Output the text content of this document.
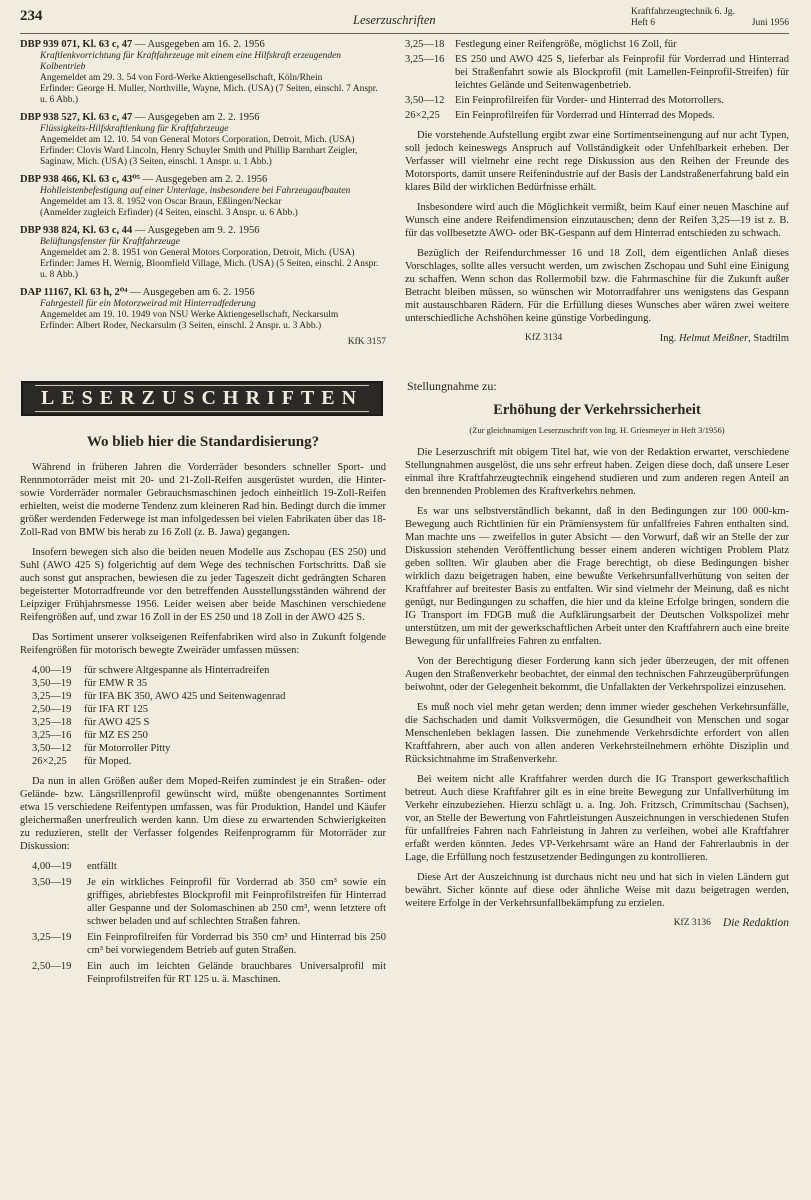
234	Leserzuschriften
Kraftfahrzeugtechnik 6. Jg.
Heft 6	Juni 1956
DBP 939 071, Kl. 63 c, 47 — Ausgegeben am 16. 2. 1956
Kraftlenkvorrichtung für Kraftfahrzeuge mit einem eine Hilfskraft erzeugenden Kolbentrieb
Angemeldet am 29. 3. 54 von Ford-Werke Aktiengesellschaft, Köln/Rhein
Erfinder: George H. Muller, Northville, Wayne, Mich. (USA) (7 Seiten, einschl. 7 Anspr. u. 6 Abb.)
DBP 938 527, Kl. 63 c, 47 — Ausgegeben am 2. 2. 1956
Flüssigkeits-Hilfskraftlenkung für Kraftfahrzeuge
Angemeldet am 12. 10. 54 von General Motors Corporation, Detroit, Mich. (USA)
Erfinder: Clovis Ward Lincoln, Henry Schuyler Smith und Phillip Barnhart Zeigler, Saginaw, Mich. (USA) (3 Seiten, einschl. 1 Anspr. u. 1 Abb.)
DBP 938 466, Kl. 63 c, 43⁰⁵ — Ausgegeben am 2. 2. 1956
Hohlleistenbefestigung auf einer Unterlage, insbesondere bei Fahrzeugaufbauten
Angemeldet am 13. 8. 1952 von Oscar Braun, Eßlingen/Neckar
(Anmelder zugleich Erfinder) (4 Seiten, einschl. 3 Anspr. u. 6 Abb.)
DBP 938 824, Kl. 63 c, 44 — Ausgegeben am 9. 2. 1956
Belüftungsfenster für Kraftfahrzeuge
Angemeldet am 2. 8. 1951 von General Motors Corporation, Detroit, Mich. (USA)
Erfinder: James H. Wernig, Bloomfield Village, Mich. (USA) (5 Seiten, einschl. 2 Anspr. u. 8 Abb.)
DAP 11167, Kl. 63 h, 2⁰⁴ — Ausgegeben am 6. 2. 1956
Fahrgestell für ein Motorzweirad mit Hinterradfederung
Angemeldet am 19. 10. 1949 von NSU Werke Aktiengesellschaft, Neckarsulm
Erfinder: Albert Roder, Neckarsulm (3 Seiten, einschl. 2 Anspr. u. 3 Abb.)
KfK 3157
LESERZUSCHRIFTEN
Wo blieb hier die Standardisierung?

Während in früheren Jahren die Vorderräder besonders schneller Sport- und Rennmotorräder meist mit 20- und 21-Zoll-Reifen ausgerüstet wurden, die Hinter- sowie Vorderräder normaler Gebrauchsmaschinen jedoch einheitlich 19-Zoll-Reifen erhielten, weist die moderne Tendenz zum kleineren Rad hin. Bedingt durch die immer größer werdenden Federwege ist man infolgedessen bei vielen Fabrikaten über das 18-Zoll-Rad von BMW bis herab zu 16 Zoll (z. B. Jawa) gegangen.

Insofern bewegen sich also die beiden neuen Modelle aus Zschopau (ES 250) und Suhl (AWO 425 S) folgerichtig auf dem Wege des technischen Fortschritts. Daß sie auch sonst gut ansprachen, bewiesen die zu jeder Tageszeit dicht gedrängten Scharen begeisterter Motorradfreunde vor den betreffenden Ausstellungsständen während der Leipziger Frühjahrsmesse 1956. Leider weisen aber beide Maschinen verschiedene Reifengrößen auf, und zwar 16 Zoll in der ES 250 und 18 Zoll in der AWO 425 S.

Das Sortiment unserer volkseigenen Reifenfabriken wird also in Zukunft folgende Reifengrößen für motorisch bewegte Zweiräder umfassen müssen:

4,00—19	für schwere Altgespanne als Hinterradreifen
3,50—19	für EMW R 35
3,25—19	für IFA BK 350, AWO 425 und Seitenwagenrad
2,50—19	für IFA RT 125
3,25—18	für AWO 425 S
3,25—16	für MZ ES 250
3,50—12	für Motorroller Pitty
26×2,25	für Moped.

Da nun in allen Größen außer dem Moped-Reifen zumindest je ein Straßen- oder Gelände- bzw. Längsrillenprofil gewünscht wird, müßte obengenanntes Sortiment etwa 15 verschiedene Reifentypen umfassen, was für Produktion, Handel und Käufer gleichermaßen unerfreulich werden kann. Um diese zu erwartenden Schwierigkeiten zu reduzieren, stellt der Verfasser folgendes Reifenprogramm für Motorräder zur Diskussion:

4,00—19	entfällt
3,50—19	Je ein wirkliches Feinprofil für Vorderrad ab 350 cm³ sowie ein griffiges, abriebfestes Blockprofil mit Feinprofilstreifen für Hinterrad aller Gespanne und der Solomaschinen ab 250 cm³, wenn letztere oft schwer beladen und auf schlechten Straßen fahren.
3,25—19	Ein Feinprofilreifen für Vorderrad bis 350 cm³ und Hinterrad bis 250 cm³ bei vorwiegendem Betrieb auf guten Straßen.
2,50—19	Ein auch im leichten Gelände brauchbares Universalprofil mit Feinprofilstreifen für RT 125 u. ä. Maschinen.
3,25—18	Festlegung einer Reifengröße, möglichst 16 Zoll, für
3,25—16	ES 250 und AWO 425 S, lieferbar als Feinprofil für Vorderrad und Hinterrad bei Straßenfahrt sowie als Blockprofil (mit Lamellen-Feinprofil-Streifen) für leichtes Gelände und Seitenwagenbetrieb.
3,50—12	Ein Feinprofilreifen für Vorder- und Hinterrad des Motorrollers.
26×2,25	Ein Feinprofilreifen für Vorderrad und Hinterrad des Mopeds.

Die vorstehende Aufstellung ergibt zwar eine Sortimentseinengung auf nur acht Typen, soll jedoch keineswegs Anspruch auf Vollständigkeit oder Unfehlbarkeit erheben. Der Verfasser will vielmehr eine recht rege Diskussion aus den Reihen der Freunde des Motorsports, damit unsere Reifenindustrie auf der Basis der Landstraßenerfahrung bald ein klares Bild der wirklichen Bedürfnisse erhält.

Insbesondere wird auch die Möglichkeit vermißt, beim Kauf einer neuen Maschine auf Wunsch eine andere Reifendimension einzutauschen; denn der Reifen 3,25—19 ist z. B. für das vollbesetzte AWO- oder BK-Gespann auf dem Hinterrad entschieden zu schwach.

Bezüglich der Reifendurchmesser 16 und 18 Zoll, dem eigentlichen Anlaß dieses Vorschlages, sollte alles versucht werden, um zwischen Zschopau und Suhl eine Einigung zu schaffen. Wenn schon das Rollermobil bzw. die Fahrmaschine für die Zukunft außer Betracht bleiben müssen, so wünschen wir Motorradfahrer uns wenigstens das Gespann mit austauschbaren Rädern. Für die Erfüllung dieses Wunsches aber wären zwei weitere unterschiedliche Achshöhen keine günstige Vorbedingung.

KfZ 3134	Ing. Helmut Meißner, Stadtilm
Stellungnahme zu:
Erhöhung der Verkehrssicherheit
(Zur gleichnamigen Leserzuschrift von Ing. H. Griesmeyer in Heft 3/1956)

Die Leserzuschrift mit obigem Titel hat, wie von der Redaktion erwartet, verschiedene Stellungnahmen ausgelöst, die uns sehr erfreut haben. Zeigen diese doch, daß unsere Leser einmal ihre Kraftfahrzeugtechnik eingehend studieren und zum anderen regen Anteil an den brennenden Problemen des Kraftverkehrs nehmen.

Es war uns selbstverständlich bekannt, daß in den Bedingungen zur 100 000-km-Bewegung auch Richtlinien für ein Prämiensystem für unfallfreies Fahren enthalten sind. Man machte uns — zweifellos in guter Absicht — den Vorwurf, daß wir an Stelle der zur Diskussion stehenden Veröffentlichung besser einem anderen wichtigen Problem Platz geben sollten. Wir glauben aber die Frage berechtigt, ob diese Bedingungen bisher wirklich dazu beigetragen haben, eine bewußte Verkehrsunfallverhütung von seiten der Kraftfahrer auf breitester Basis zu entfalten. Wir sind vielmehr der Meinung, daß es nicht genügt, nur Bedingungen zu schaffen, die hier und da kleine Erfolge bringen, sondern die IG Transport im FDGB muß die Aufklärungsarbeit der Deutschen Volkspolizei mehr unterstützen, um mit der gewerkschaftlichen Arbeit unter den Kraftfahrern auch eine breite Bewegung für unfallfreies Fahren zu entfalten.

Von der Berechtigung dieser Forderung kann sich jeder überzeugen, der mit offenen Augen den Straßenverkehr beobachtet, der einmal den technischen Fahrzeugüberprüfungen beiwohnt, oder der Gelegenheit bekommt, die Unfallakten der Verkehrspolizei einzusehen.

Es muß noch viel mehr getan werden; denn immer wieder geschehen Verkehrsunfälle, die Sachschaden und damit Volksvermögen, die Gesundheit von Menschen und sogar Menschenleben beklagen lassen. Die zunehmende Verkehrsdichte erfordert von allen Kraftfahrern, aber auch von allen anderen Verkehrsteilnehmern erhöhte Disziplin und Rücksichtnahme im Straßenverkehr.

Bei weitem nicht alle Kraftfahrer werden durch die IG Transport gewerkschaftlich betreut. Auch diese Kraftfahrer gilt es in eine breite Bewegung zur Unfallverhütung im Verkehr einzubeziehen. Hierzu schlägt u. a. Ing. Joh. Fritzsch, Crimmitschau (Sachsen), vor, an Stelle der Bewertung von Fahrtleistungen Auszeichnungen in verschiedenen Stufen für unfallfreies Fahren nach Fahrleistung in Jahren zu verleihen, wobei alle Kraftfahrer erfaßt werden könnten. Jedes VP-Verkehrsamt wäre an Hand der Fahrerlaubnis in der Lage, die Erfüllung noch festzusetzender Bedingungen zu kontrollieren.

Diese Art der Auszeichnung ist durchaus nicht neu und hat sich in vielen Ländern gut bewährt. Sicher könnte auf diese oder ähnliche Weise mit dazu beigetragen werden, weitere Erfolge in der Verkehrsunfallbekämpfung zu erzielen.

KfZ 3136 Die Redaktion
